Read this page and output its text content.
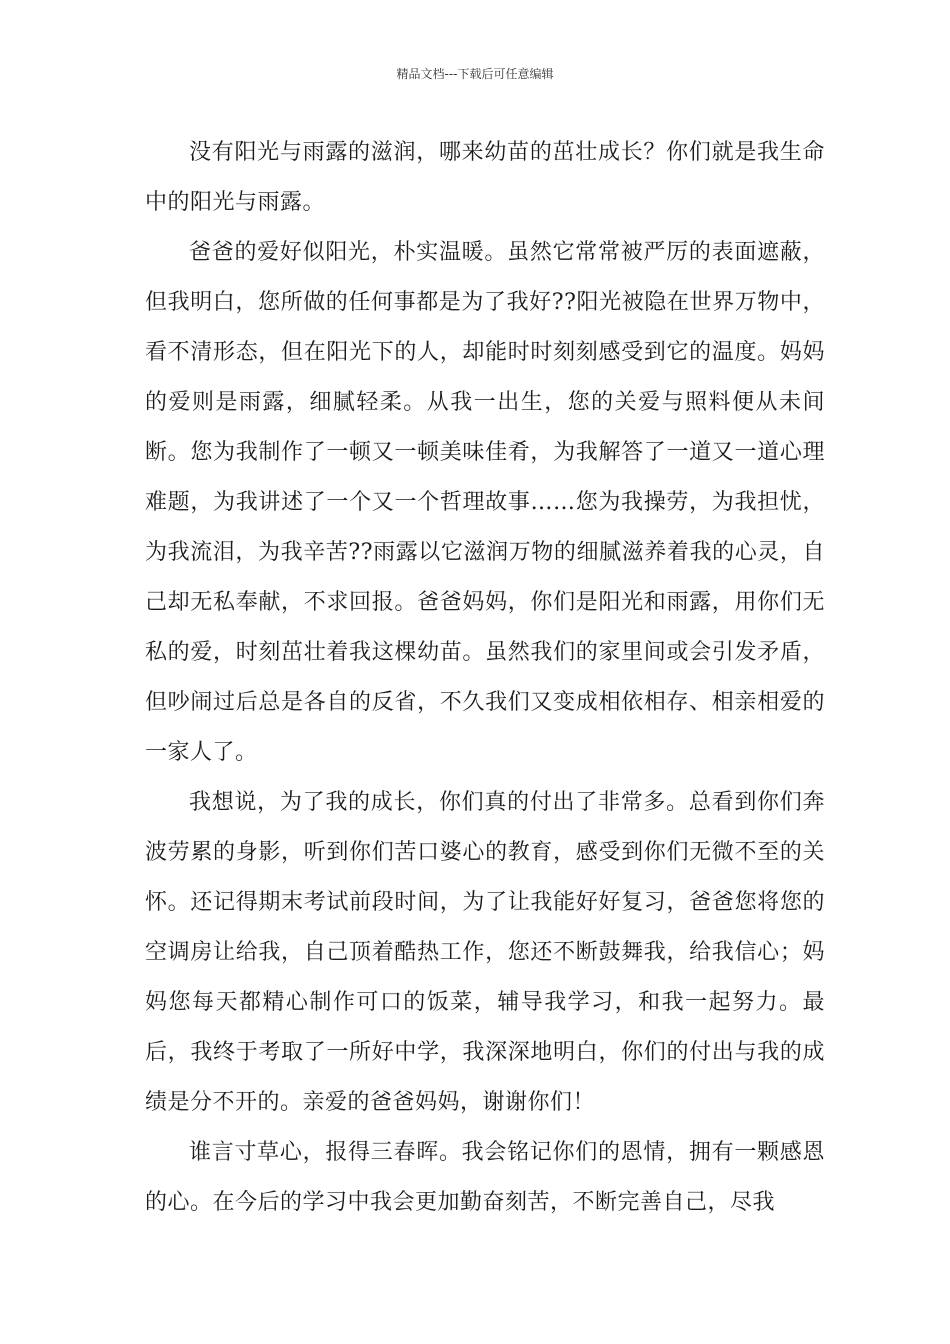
精品文档---下载后可任意编辑

没有阳光与雨露的滋润，哪来幼苗的茁壮成长？你们就是我生命中的阳光与雨露。

爸爸的爱好似阳光，朴实温暖。虽然它常常被严厉的表面遮蔽，但我明白，您所做的任何事都是为了我好??阳光被隐在世界万物中，看不清形态，但在阳光下的人，却能时时刻刻感受到它的温度。妈妈的爱则是雨露，细腻轻柔。从我一出生，您的关爱与照料便从未间断。您为我制作了一顿又一顿美味佳肴，为我解答了一道又一道心理难题，为我讲述了一个又一个哲理故事……您为我操劳，为我担忧，为我流泪，为我辛苦??雨露以它滋润万物的细腻滋养着我的心灵，自己却无私奉献，不求回报。爸爸妈妈，你们是阳光和雨露，用你们无私的爱，时刻茁壮着我这棵幼苗。虽然我们的家里间或会引发矛盾，但吵闹过后总是各自的反省，不久我们又变成相依相存、相亲相爱的一家人了。

我想说，为了我的成长，你们真的付出了非常多。总看到你们奔波劳累的身影，听到你们苦口婆心的教育，感受到你们无微不至的关怀。还记得期末考试前段时间，为了让我能好好复习，爸爸您将您的空调房让给我，自己顶着酷热工作，您还不断鼓舞我，给我信心；妈妈您每天都精心制作可口的饭菜，辅导我学习，和我一起努力。最后，我终于考取了一所好中学，我深深地明白，你们的付出与我的成绩是分不开的。亲爱的爸爸妈妈，谢谢你们！

谁言寸草心，报得三春晖。我会铭记你们的恩情，拥有一颗感恩的心。在今后的学习中我会更加勤奋刻苦，不断完善自己，尽我
